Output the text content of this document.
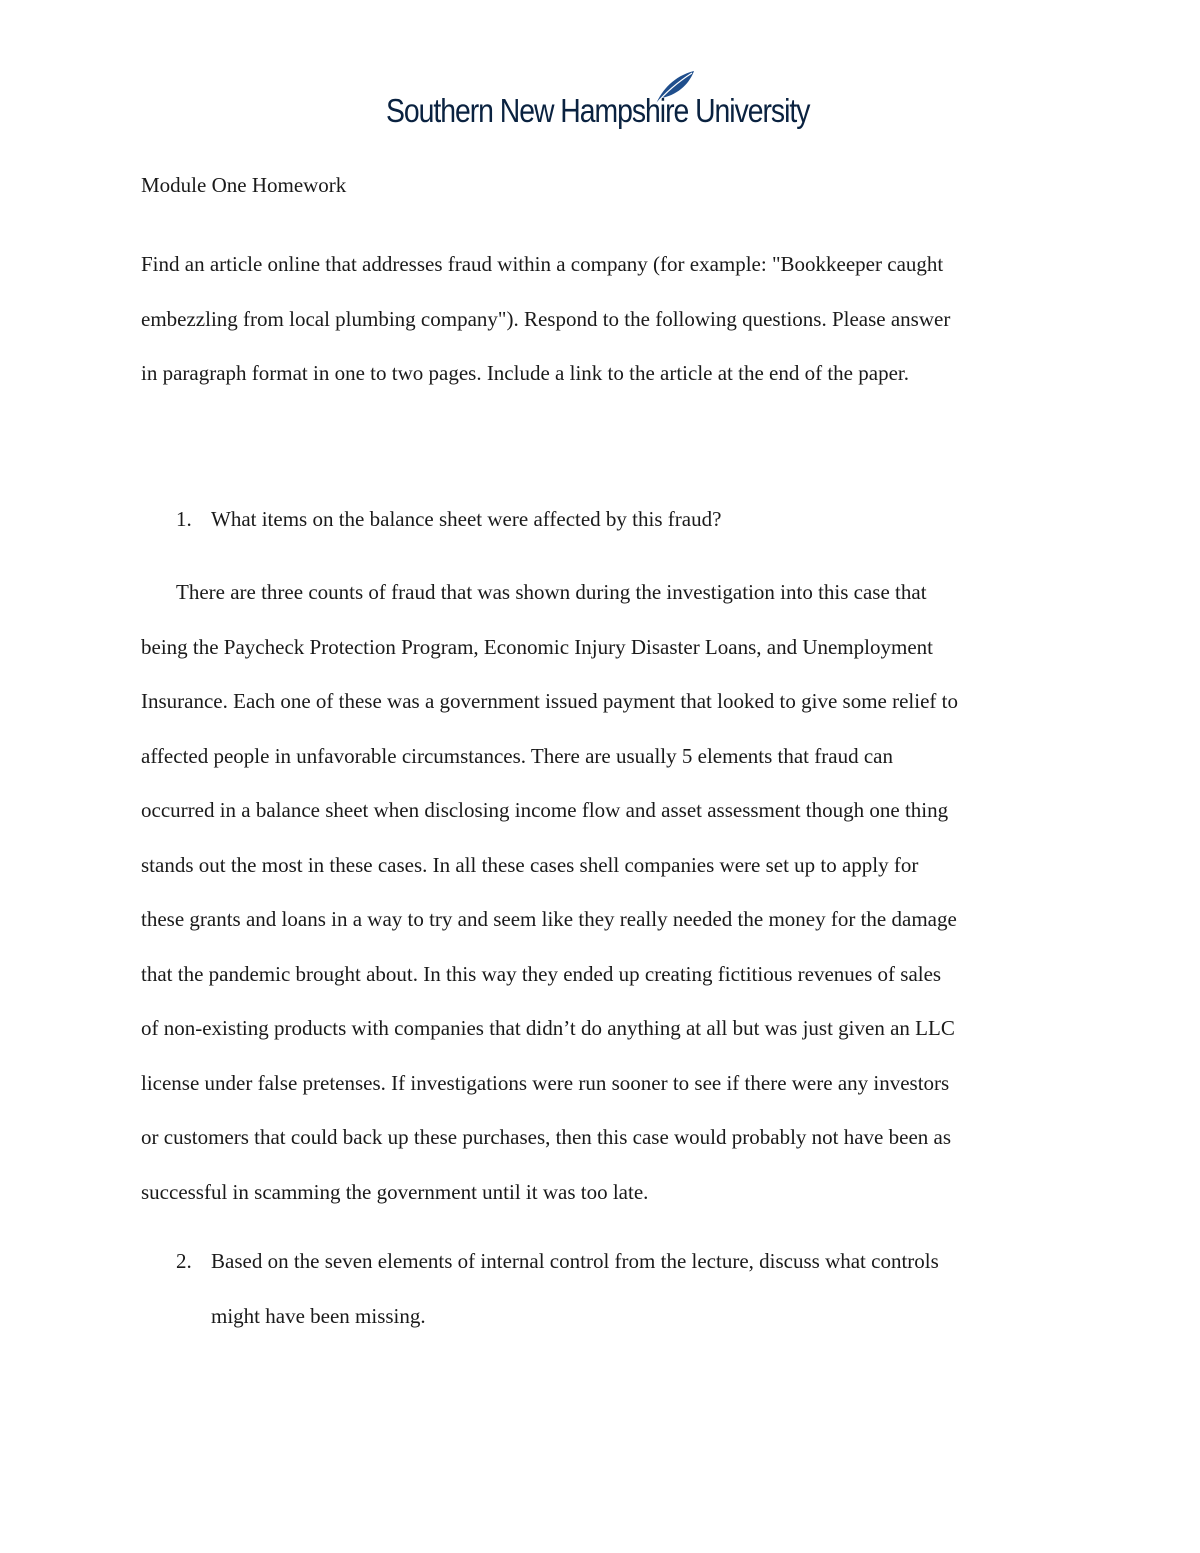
Southern New Hampshire University
Module One Homework
Find an article online that addresses fraud within a company (for example: "Bookkeeper caught
embezzling from local plumbing company"). Respond to the following questions. Please answer
in paragraph format in one to two pages. Include a link to the article at the end of the paper.
1. What items on the balance sheet were affected by this fraud?
There are three counts of fraud that was shown during the investigation into this case that
being the Paycheck Protection Program, Economic Injury Disaster Loans, and Unemployment
Insurance. Each one of these was a government issued payment that looked to give some relief to
affected people in unfavorable circumstances. There are usually 5 elements that fraud can
occurred in a balance sheet when disclosing income flow and asset assessment though one thing
stands out the most in these cases. In all these cases shell companies were set up to apply for
these grants and loans in a way to try and seem like they really needed the money for the damage
that the pandemic brought about. In this way they ended up creating fictitious revenues of sales
of non-existing products with companies that didn’t do anything at all but was just given an LLC
license under false pretenses. If investigations were run sooner to see if there were any investors
or customers that could back up these purchases, then this case would probably not have been as
successful in scamming the government until it was too late.
2. Based on the seven elements of internal control from the lecture, discuss what controls
might have been missing.
